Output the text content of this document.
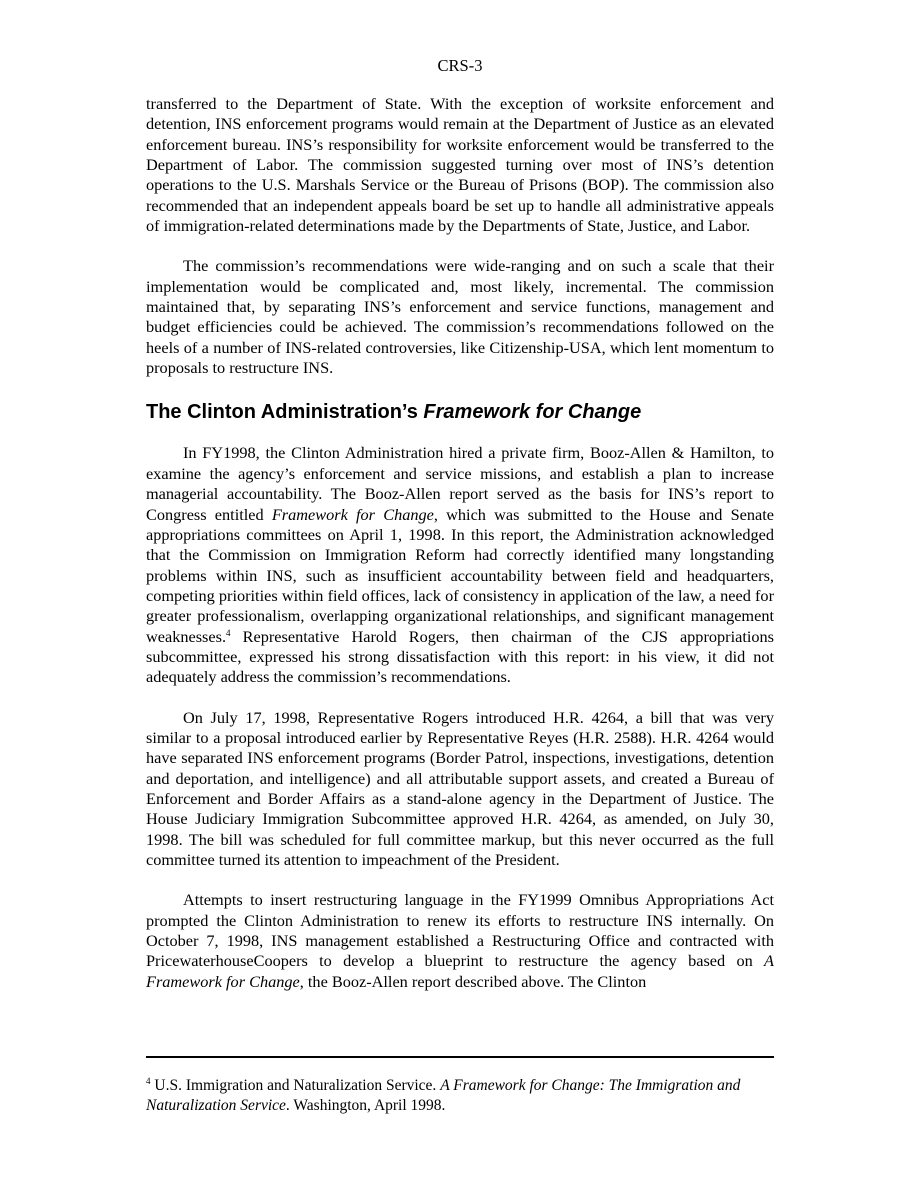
CRS-3

transferred to the Department of State. With the exception of worksite enforcement and detention, INS enforcement programs would remain at the Department of Justice as an elevated enforcement bureau. INS’s responsibility for worksite enforcement would be transferred to the Department of Labor. The commission suggested turning over most of INS’s detention operations to the U.S. Marshals Service or the Bureau of Prisons (BOP). The commission also recommended that an independent appeals board be set up to handle all administrative appeals of immigration-related determinations made by the Departments of State, Justice, and Labor.

The commission’s recommendations were wide-ranging and on such a scale that their implementation would be complicated and, most likely, incremental. The commission maintained that, by separating INS’s enforcement and service functions, management and budget efficiencies could be achieved. The commission’s recommendations followed on the heels of a number of INS-related controversies, like Citizenship-USA, which lent momentum to proposals to restructure INS.

The Clinton Administration’s Framework for Change

In FY1998, the Clinton Administration hired a private firm, Booz-Allen & Hamilton, to examine the agency’s enforcement and service missions, and establish a plan to increase managerial accountability. The Booz-Allen report served as the basis for INS’s report to Congress entitled Framework for Change, which was submitted to the House and Senate appropriations committees on April 1, 1998. In this report, the Administration acknowledged that the Commission on Immigration Reform had correctly identified many longstanding problems within INS, such as insufficient accountability between field and headquarters, competing priorities within field offices, lack of consistency in application of the law, a need for greater professionalism, overlapping organizational relationships, and significant management weaknesses.$^4$ Representative Harold Rogers, then chairman of the CJS appropriations subcommittee, expressed his strong dissatisfaction with this report: in his view, it did not adequately address the commission’s recommendations.

On July 17, 1998, Representative Rogers introduced H.R. 4264, a bill that was very similar to a proposal introduced earlier by Representative Reyes (H.R. 2588). H.R. 4264 would have separated INS enforcement programs (Border Patrol, inspections, investigations, detention and deportation, and intelligence) and all attributable support assets, and created a Bureau of Enforcement and Border Affairs as a stand-alone agency in the Department of Justice. The House Judiciary Immigration Subcommittee approved H.R. 4264, as amended, on July 30, 1998. The bill was scheduled for full committee markup, but this never occurred as the full committee turned its attention to impeachment of the President.

Attempts to insert restructuring language in the FY1999 Omnibus Appropriations Act prompted the Clinton Administration to renew its efforts to restructure INS internally. On October 7, 1998, INS management established a Restructuring Office and contracted with PricewaterhouseCoopers to develop a blueprint to restructure the agency based on A Framework for Change, the Booz-Allen report described above. The Clinton

$^4$ U.S. Immigration and Naturalization Service. A Framework for Change: The Immigration and Naturalization Service. Washington, April 1998.
